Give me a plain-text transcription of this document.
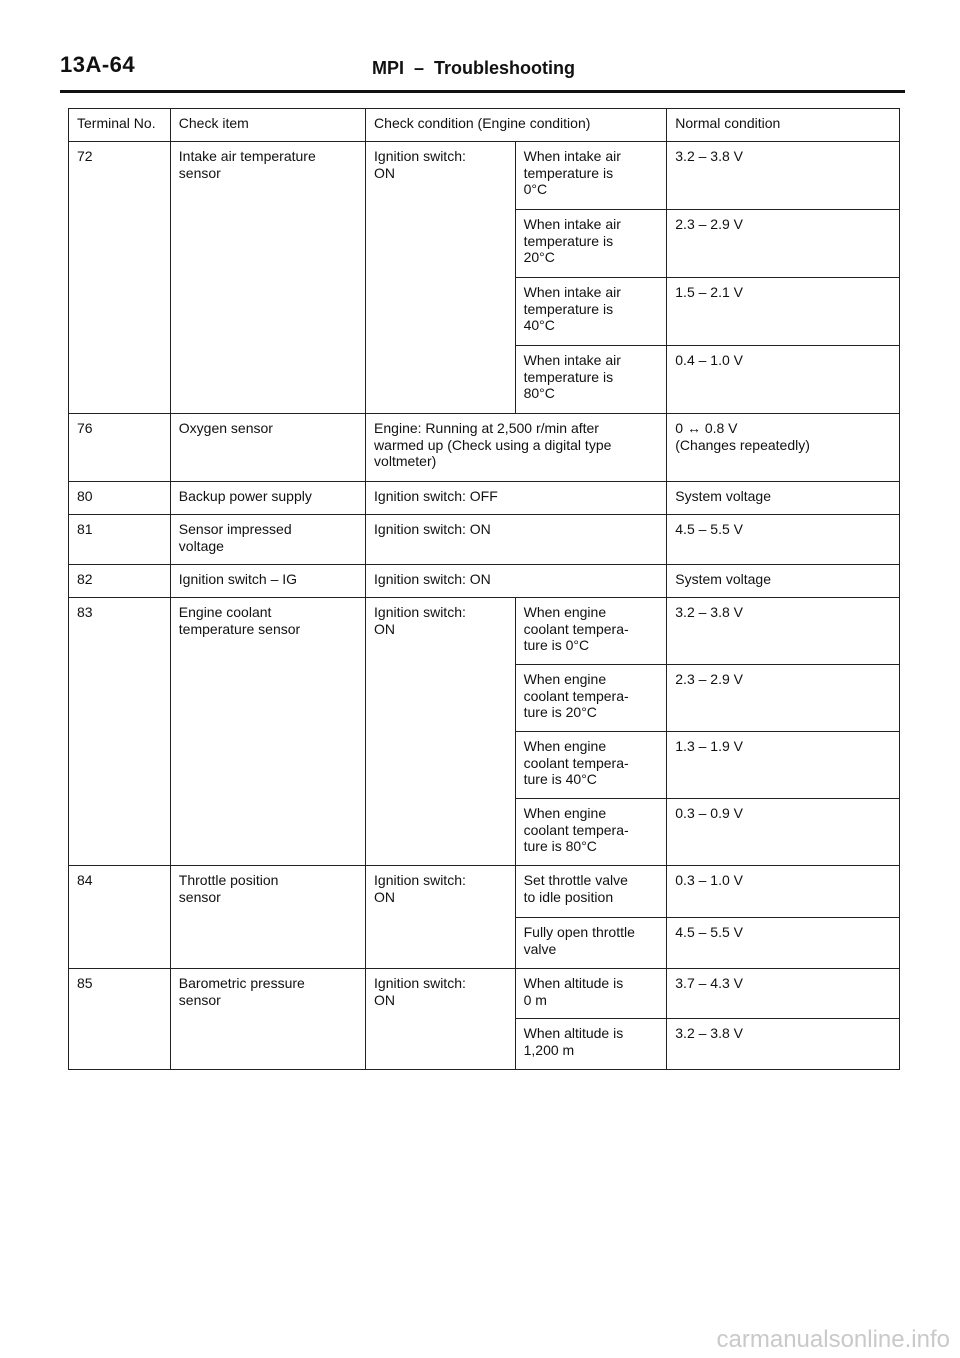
13A-64	MPI  –  Troubleshooting
Terminal No.	Check item	Check condition (Engine condition)		Normal condition
72	Intake air temperature
sensor	Ignition switch:
ON	When intake air
temperature is
0°C	3.2 – 3.8 V
			When intake air
temperature is
20°C	2.3 – 2.9 V
			When intake air
temperature is
40°C	1.5 – 2.1 V
			When intake air
temperature is
80°C	0.4 – 1.0 V
76	Oxygen sensor	Engine: Running at 2,500 r/min after
warmed up (Check using a digital type
voltmeter)		0 ↔ 0.8 V
(Changes repeatedly)
80	Backup power supply	Ignition switch: OFF		System voltage
81	Sensor impressed
voltage	Ignition switch: ON		4.5 – 5.5 V
82	Ignition switch – IG	Ignition switch: ON		System voltage
83	Engine coolant
temperature sensor	Ignition switch:
ON	When engine
coolant tempera-
ture is 0°C	3.2 – 3.8 V
			When engine
coolant tempera-
ture is 20°C	2.3 – 2.9 V
			When engine
coolant tempera-
ture is 40°C	1.3 – 1.9 V
			When engine
coolant tempera-
ture is 80°C	0.3 – 0.9 V
84	Throttle position
sensor	Ignition switch:
ON	Set throttle valve
to idle position	0.3 – 1.0 V
			Fully open throttle
valve	4.5 – 5.5 V
85	Barometric pressure
sensor	Ignition switch:
ON	When altitude is
0 m	3.7 – 4.3 V
			When altitude is
1,200 m	3.2 – 3.8 V
carmanualsonline.info
